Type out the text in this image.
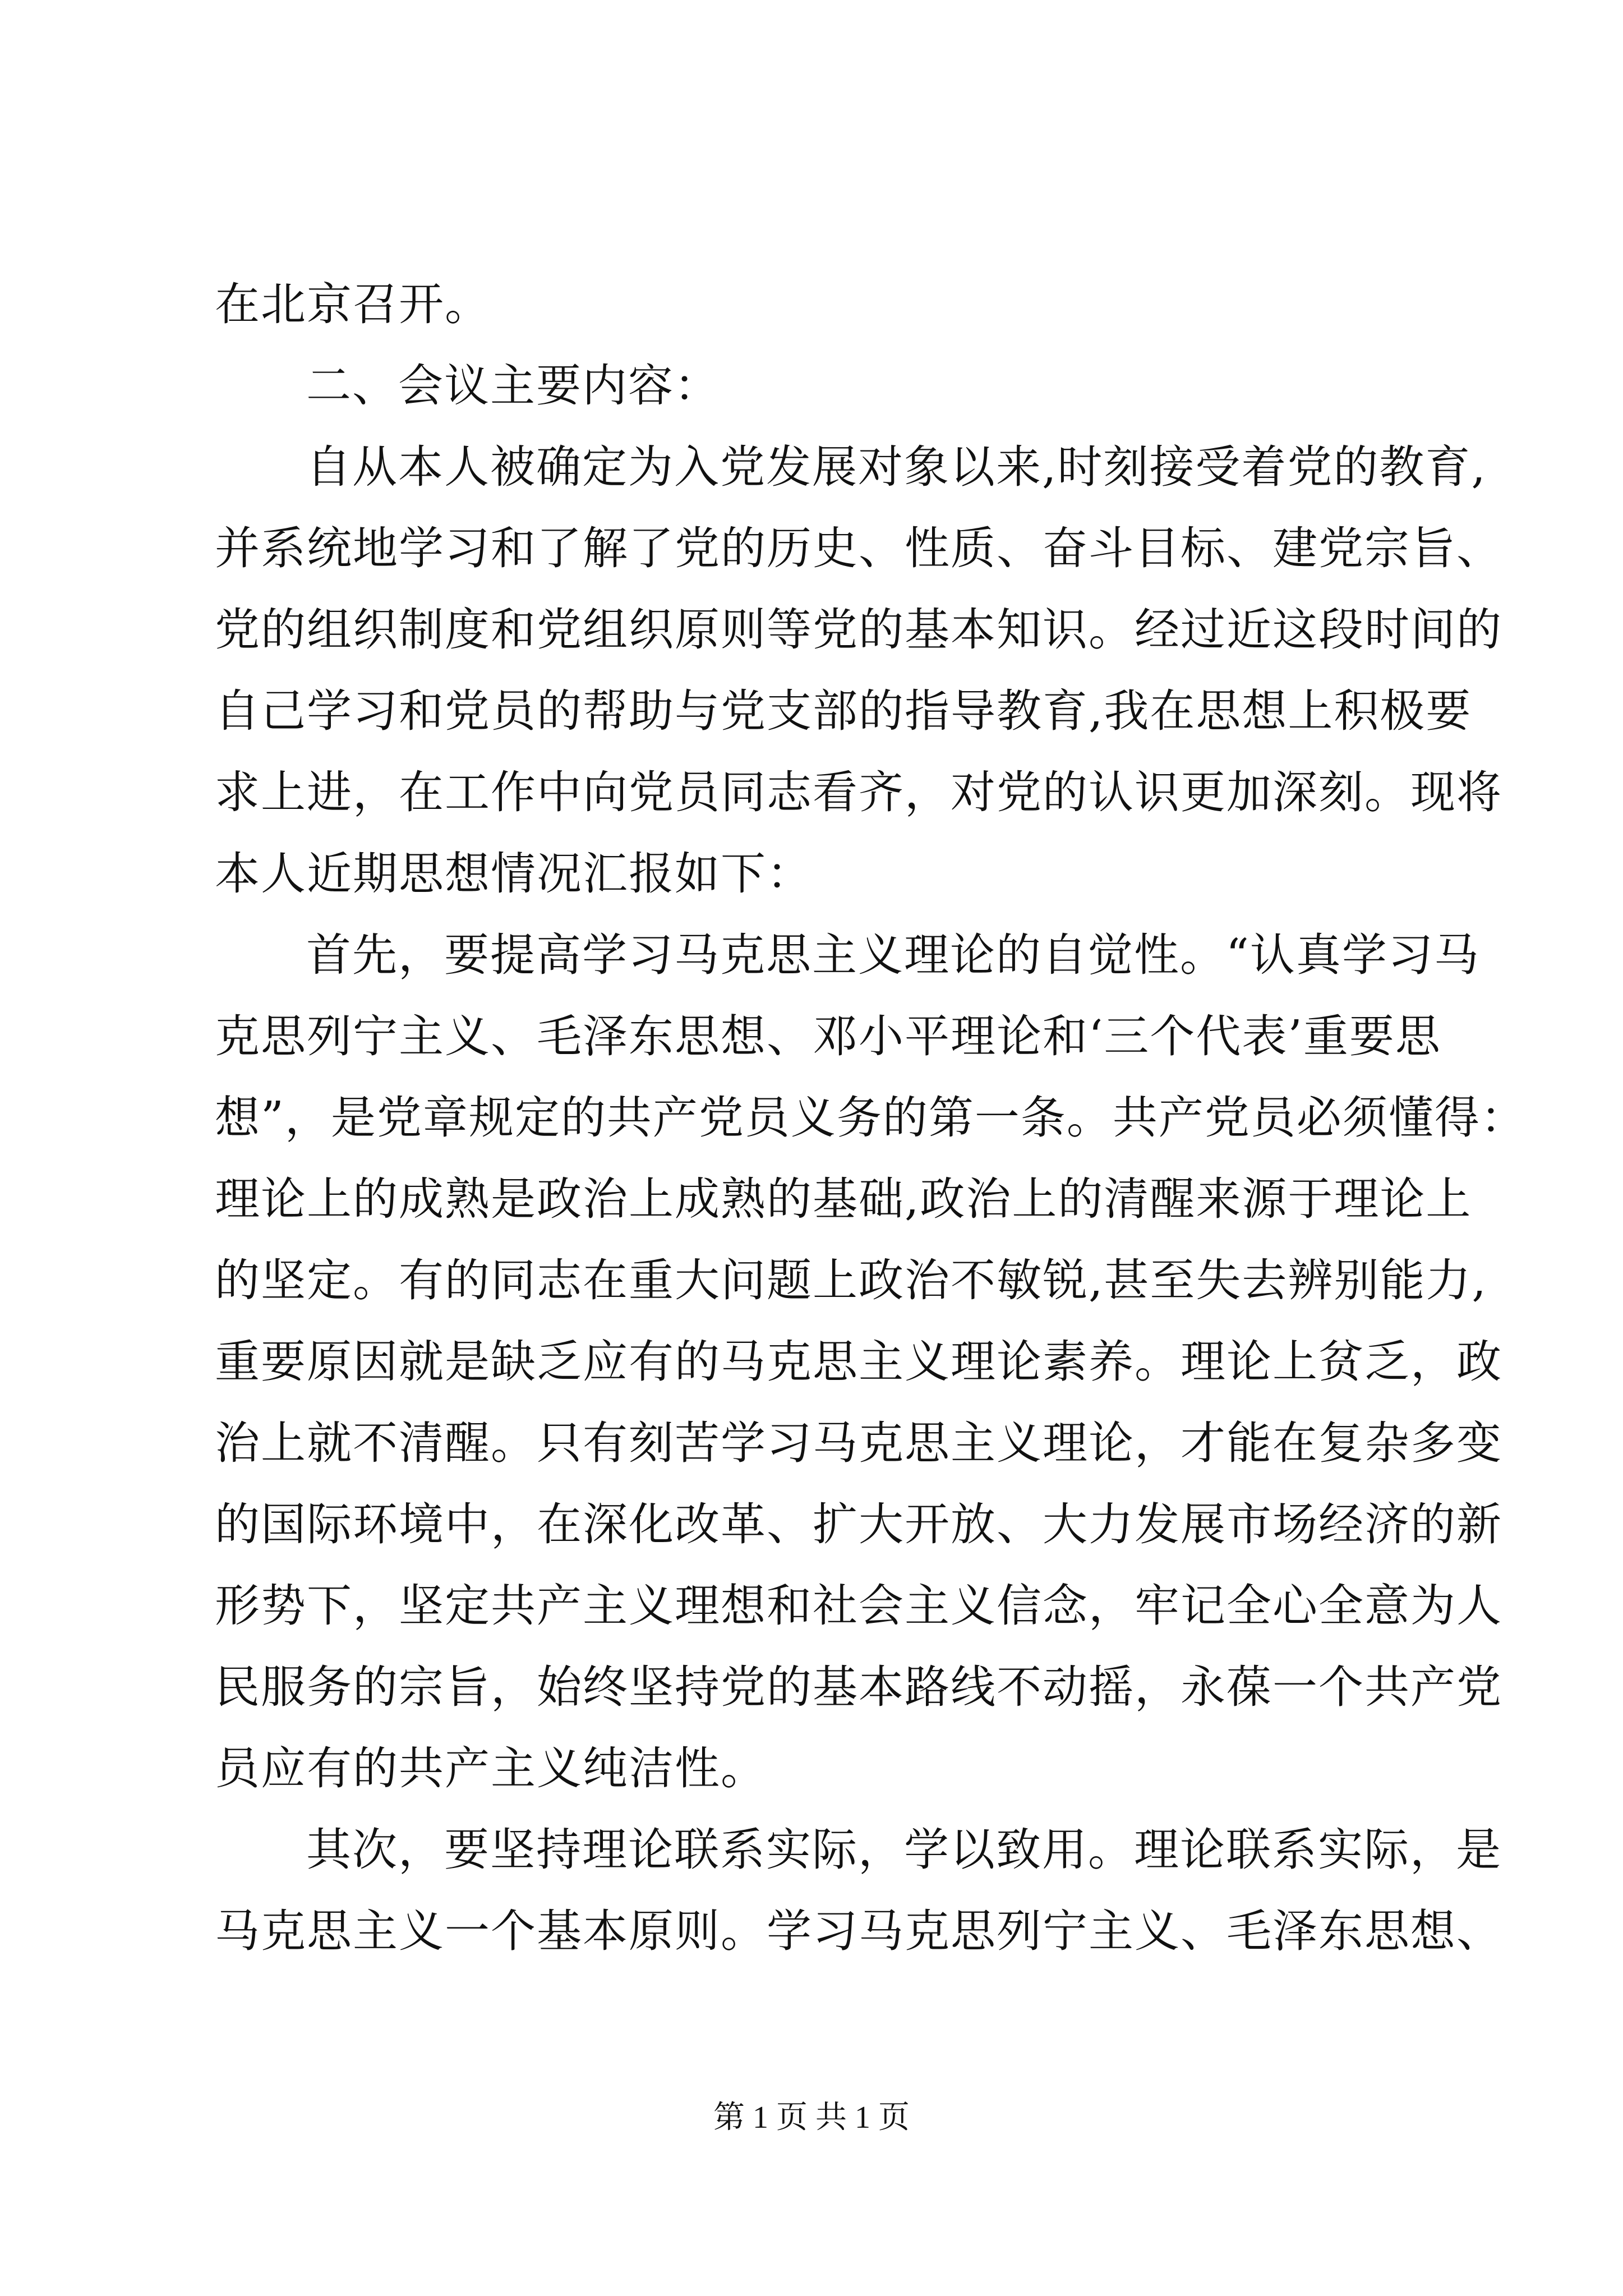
在北京召开。
二、会议主要内容：
自从本人被确定为入党发展对象以来,时刻接受着党的教育,
并系统地学习和了解了党的历史、性质、奋斗目标、建党宗旨、
党的组织制度和党组织原则等党的基本知识。经过近这段时间的
自己学习和党员的帮助与党支部的指导教育,我在思想上积极要
求上进，在工作中向党员同志看齐，对党的认识更加深刻。现将
本人近期思想情况汇报如下：
首先，要提高学习马克思主义理论的自觉性。“认真学习马
克思列宁主义、毛泽东思想、邓小平理论和‘三个代表’重要思
想”，是党章规定的共产党员义务的第一条。共产党员必须懂得：
理论上的成熟是政治上成熟的基础,政治上的清醒来源于理论上
的坚定。有的同志在重大问题上政治不敏锐,甚至失去辨别能力,
重要原因就是缺乏应有的马克思主义理论素养。理论上贫乏，政
治上就不清醒。只有刻苦学习马克思主义理论，才能在复杂多变
的国际环境中，在深化改革、扩大开放、大力发展市场经济的新
形势下，坚定共产主义理想和社会主义信念，牢记全心全意为人
民服务的宗旨，始终坚持党的基本路线不动摇，永葆一个共产党
员应有的共产主义纯洁性。
其次，要坚持理论联系实际，学以致用。理论联系实际，是
马克思主义一个基本原则。学习马克思列宁主义、毛泽东思想、
第 1 页 共 1 页
